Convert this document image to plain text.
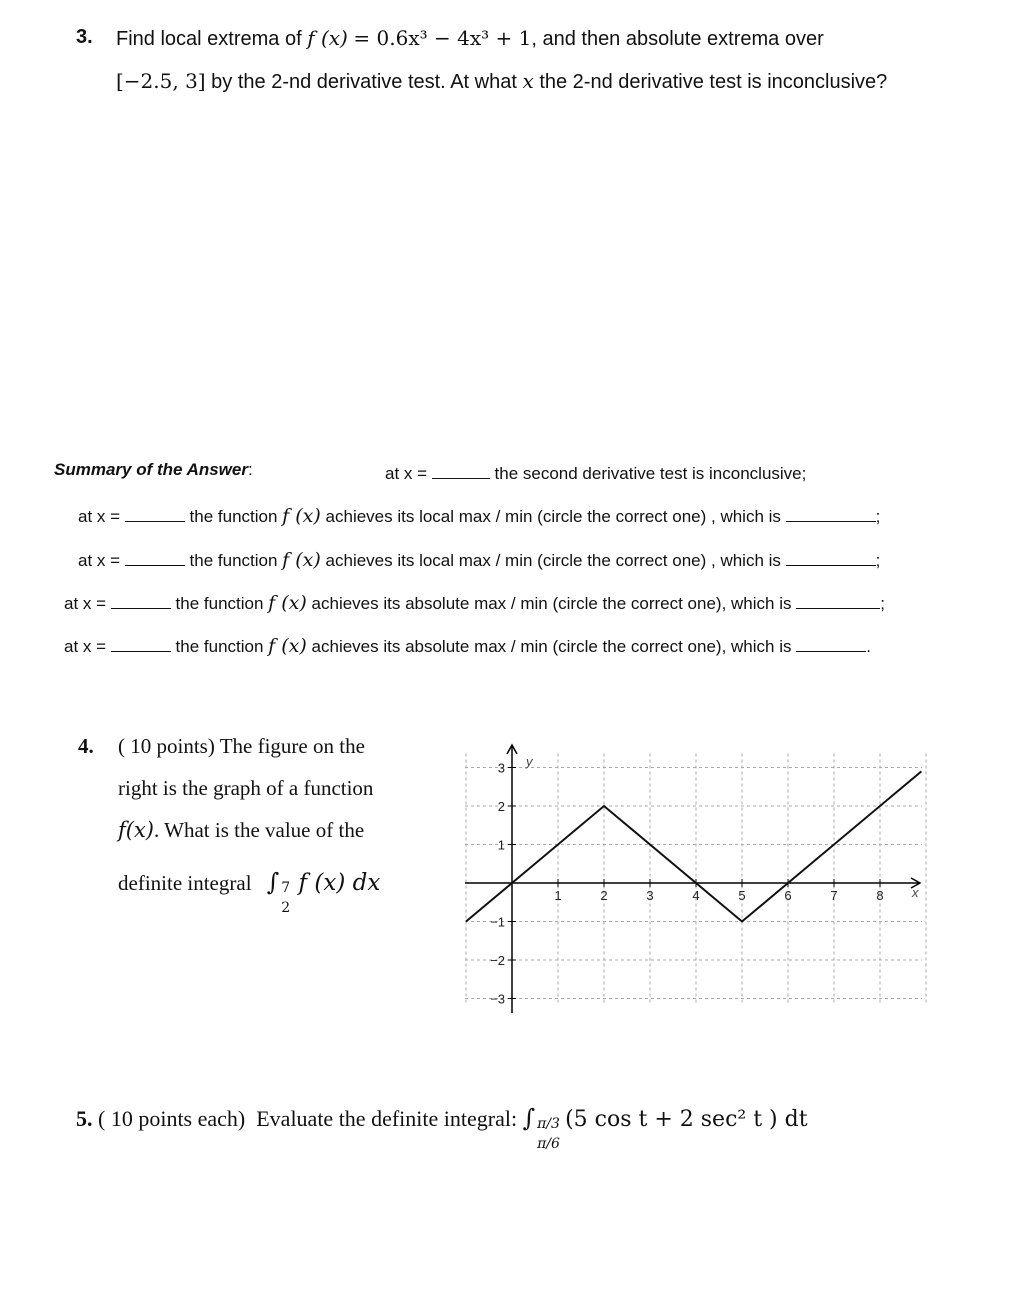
3. Find local extrema of f (x) = 0.6x³ − 4x³ + 1, and then absolute extrema over
[−2.5, 3] by the 2-nd derivative test. At what x the 2-nd derivative test is inconclusive?
Summary of the Answer:	at x =	the second derivative test is inconclusive;
at x =	the function f (x) achieves its local max / min (circle the correct one) , which is	;
at x =	the function f (x) achieves its local max / min (circle the correct one) , which is	;
at x =	the function f (x) achieves its absolute max / min (circle the correct one), which is	;
at x =	the function f (x) achieves its absolute max / min (circle the correct one), which is	.
4. ( 10 points) The figure on the
right is the graph of a function
f(x). What is the value of the
definite integral ∫ 7
2
f (x) dx	1	2	3	4	5	6	7	8
3
2
1
−1
−2
−3
x
y
5. ( 10 points each) Evaluate the definite integral: ∫ π/3
π/6
(5 cos t + 2 sec² t ) dt
